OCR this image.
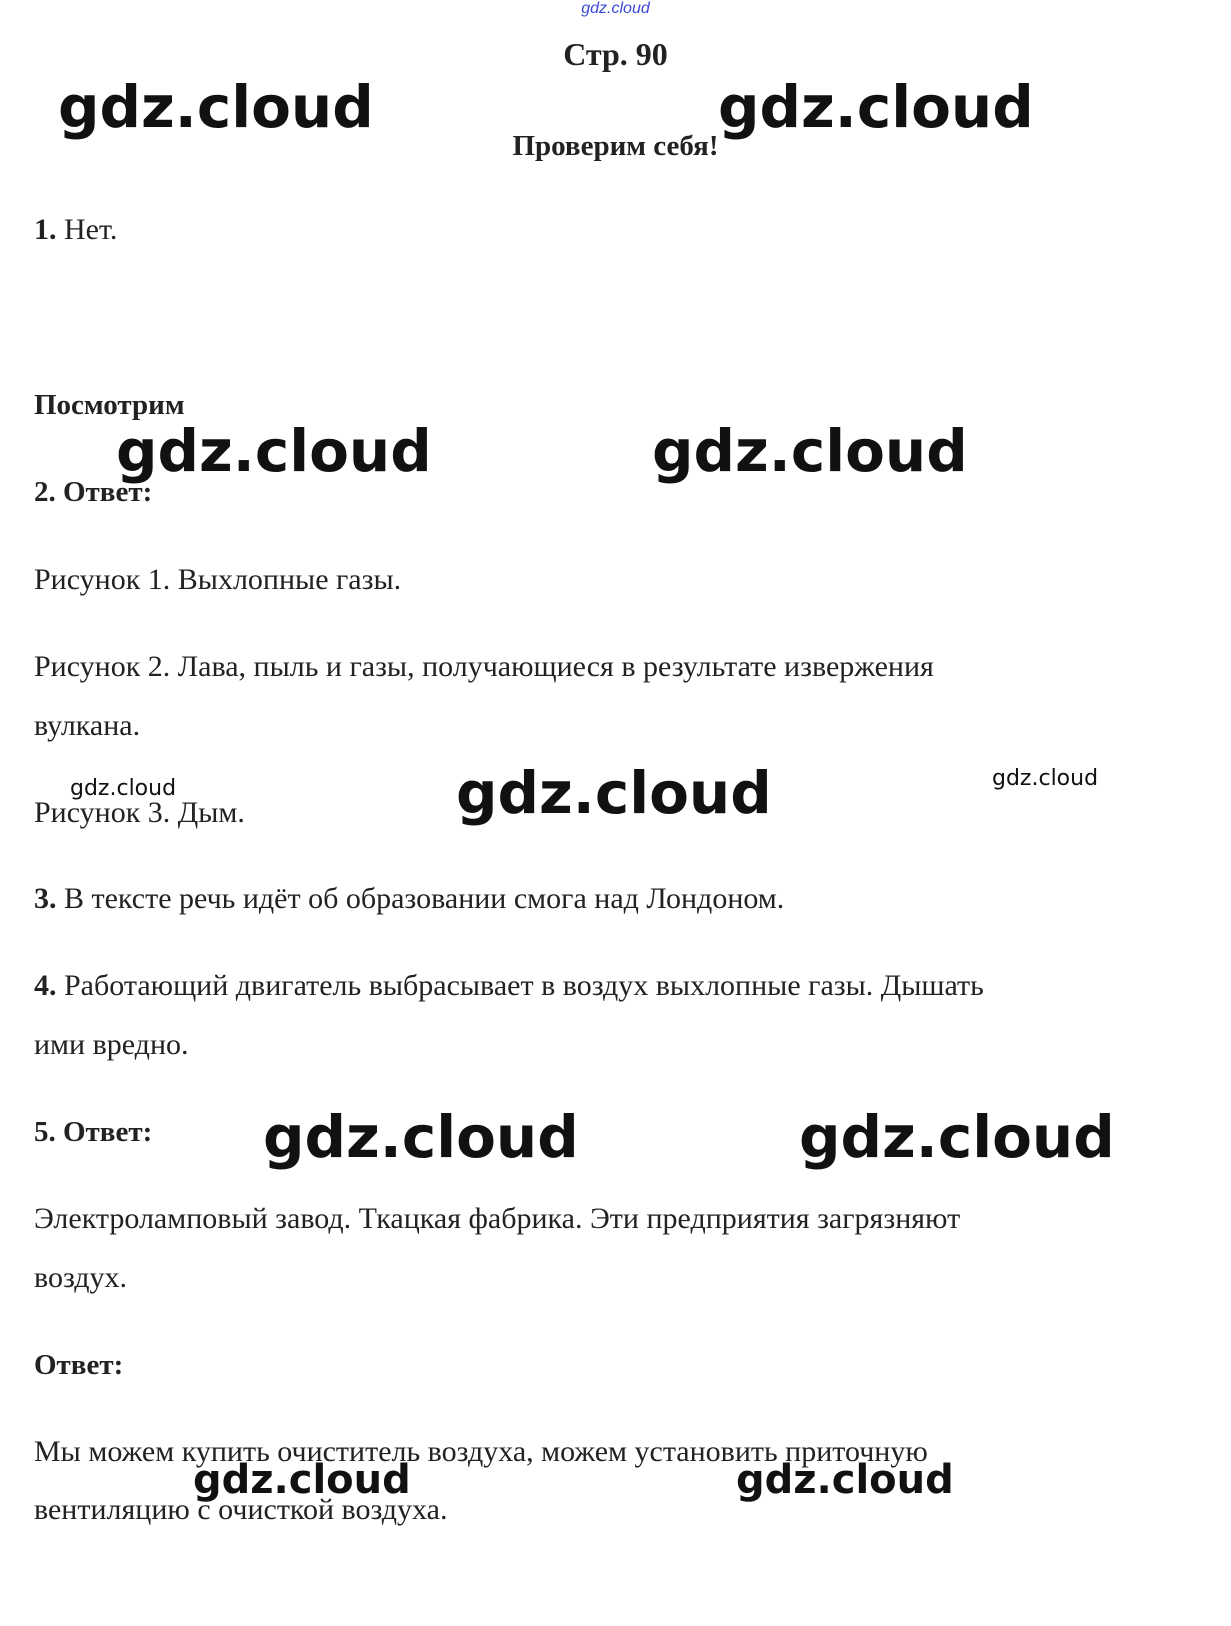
gdz.cloud
Стр. 90
Проверим себя!
1. Нет.
Посмотрим
2. Ответ:
Рисунок 1. Выхлопные газы.
Рисунок 2. Лава, пыль и газы, получающиеся в результате извержения
вулкана.
Рисунок 3. Дым.
3. В тексте речь идёт об образовании смога над Лондоном.
4. Работающий двигатель выбрасывает в воздух выхлопные газы. Дышать
ими вредно.
5. Ответ:
Электроламповый завод. Ткацкая фабрика. Эти предприятия загрязняют
воздух.
Ответ:
Мы можем купить очиститель воздуха, можем установить приточную
вентиляцию с очисткой воздуха.
gdz.cloud	gdz.cloud
gdz.cloud	gdz.cloud
gdz.cloud	gdz.cloud	gdz.cloud
gdz.cloud	gdz.cloud
gdz.cloud	gdz.cloud
